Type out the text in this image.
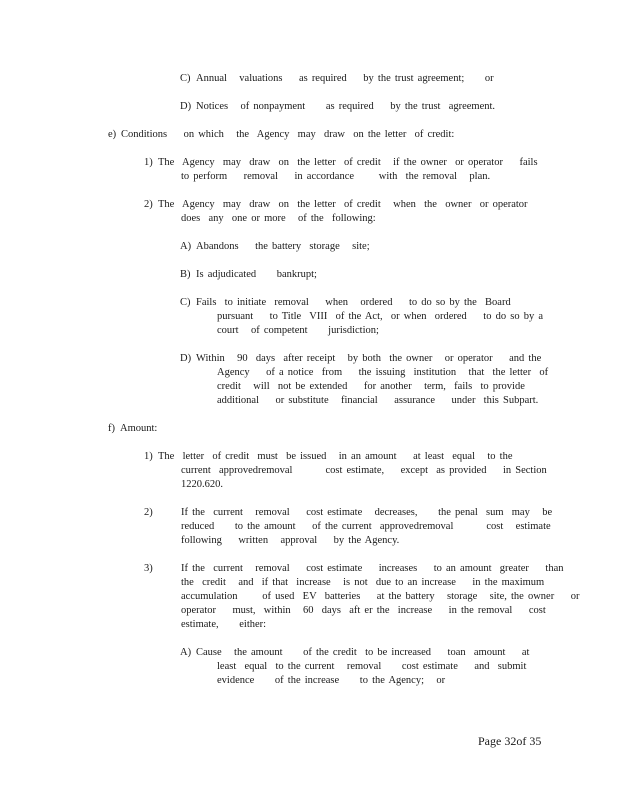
C) Annual   valuations    as required    by the trust agreement;     or
D) Notices   of nonpayment     as required    by the trust  agreement.
e) Conditions    on which   the  Agency  may  draw  on the letter  of credit:
1) The  Agency  may  draw  on  the letter  of credit   if the owner  or operator    fails
to perform    removal    in accordance      with  the removal   plan.
2) The  Agency  may  draw  on  the letter  of credit   when  the  owner  or operator
does  any  one or more   of the  following:
A) Abandons    the battery  storage   site;
B) Is adjudicated     bankrupt;
C) Fails  to initiate  removal    when   ordered    to do so by the  Board
pursuant    to Title  VIII  of the Act,  or when  ordered    to do so by a
court   of competent     jurisdiction;
D) Within   90  days  after receipt   by both  the owner   or operator    and the
Agency    of a notice  from    the issuing  institution   that  the letter  of
credit   will  not be extended    for another   term,  fails  to provide
additional    or substitute   financial    assurance    under  this Subpart.
f) Amount:
1) The  letter  of credit  must  be issued   in an amount    at least  equal   to the
current  approvedremoval        cost estimate,    except  as provided    in Section
1220.620.
2)	If the  current   removal    cost estimate   decreases,     the penal  sum  may   be
reduced     to the amount    of the current  approvedremoval        cost   estimate
following    written   approval    by the Agency.
3)	If the  current   removal    cost estimate    increases    to an amount  greater    than
the  credit   and  if that  increase   is not  due to an increase    in the maximum
accumulation      of used  EV  batteries    at the battery   storage   site, the owner    or
operator    must,  within   60  days  aft er the  increase    in the removal    cost
estimate,     either:
A) Cause   the amount     of the credit  to be increased    toan  amount    at
least  equal  to the current   removal     cost estimate    and  submit
evidence     of the increase     to the Agency;   or
Page 32of 35
